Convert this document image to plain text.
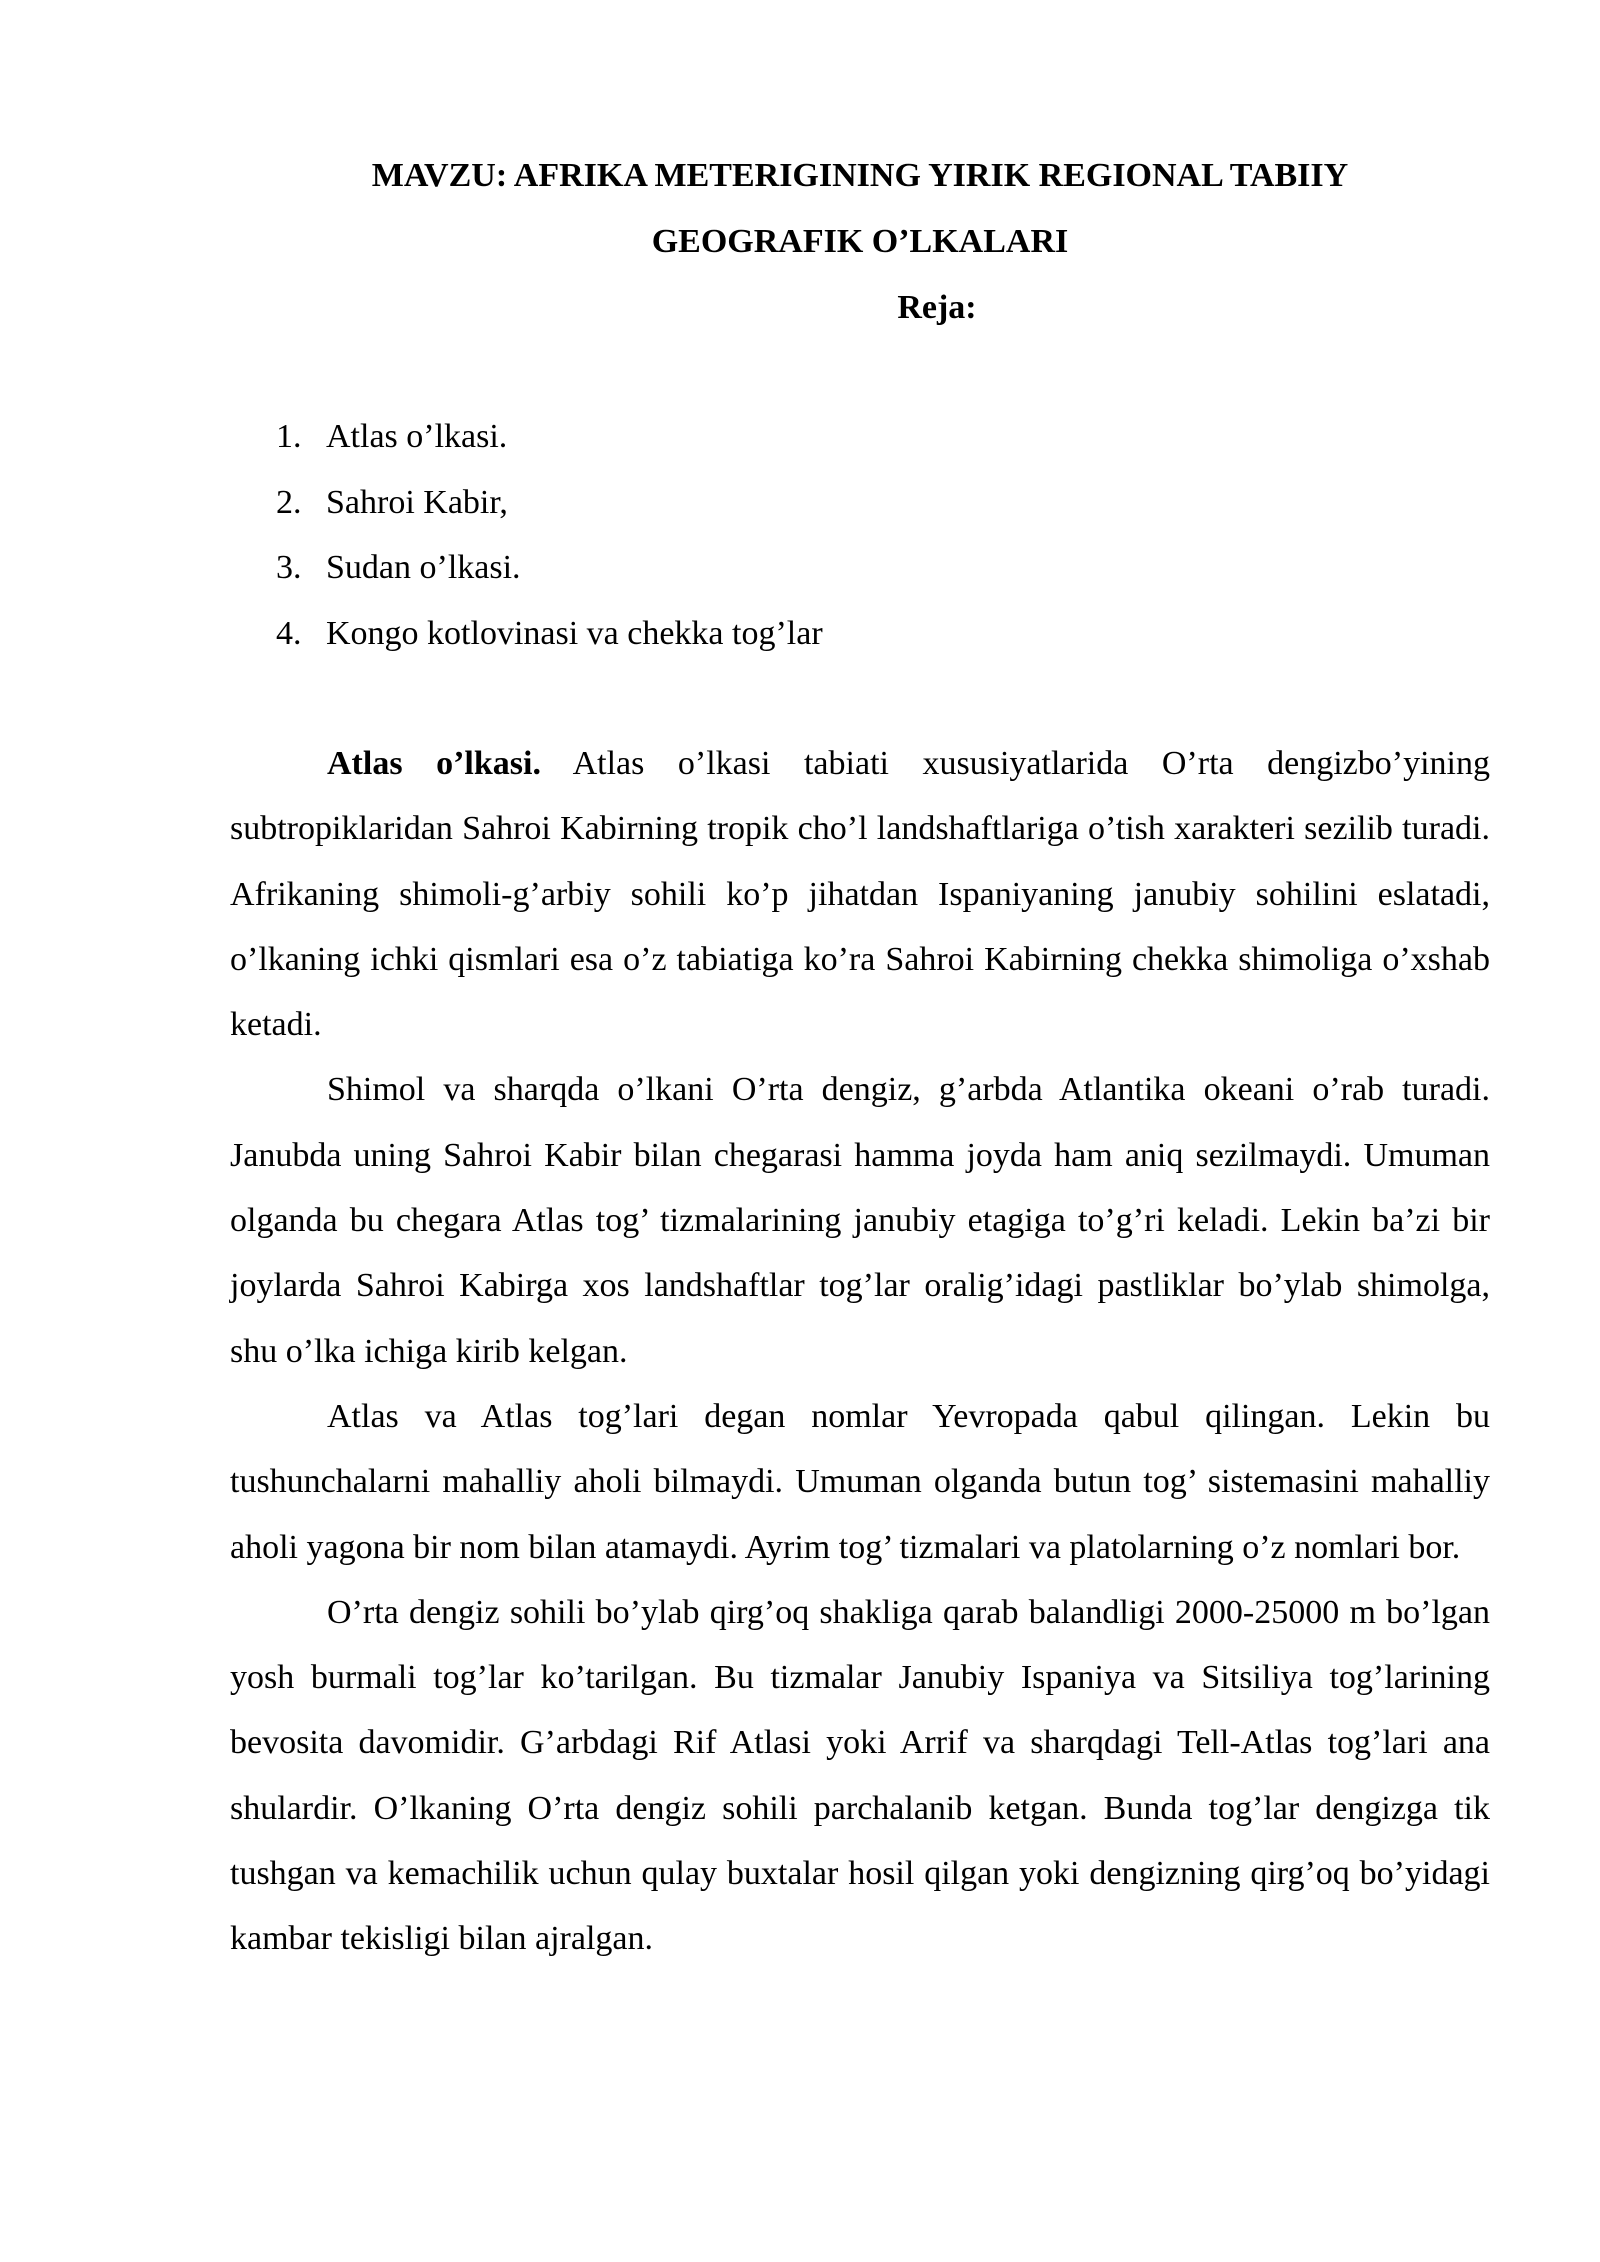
MAVZU: AFRIKA METERIGINING YIRIK REGIONAL TABIIY
GEOGRAFIK O’LKALARI
Reja:
1. Atlas o’lkasi.
2. Sahroi Kabir,
3. Sudan o’lkasi.
4. Kongo kotlovinasi va chekka tog’lar

Atlas o’lkasi. Atlas o’lkasi tabiati xususiyatlarida O’rta dengizbo’yining subtropiklaridan Sahroi Kabirning tropik cho’l landshaftlariga o’tish xarakteri sezilib turadi. Afrikaning shimoli-g’arbiy sohili ko’p jihatdan Ispaniyaning janubiy sohilini eslatadi, o’lkaning ichki qismlari esa o’z tabiatiga ko’ra Sahroi Kabirning chekka shimoliga o’xshab ketadi.

Shimol va sharqda o’lkani O’rta dengiz, g’arbda Atlantika okeani o’rab turadi. Janubda uning Sahroi Kabir bilan chegarasi hamma joyda ham aniq sezilmaydi. Umuman olganda bu chegara Atlas tog’ tizmalarining janubiy etagiga to’g’ri keladi. Lekin ba’zi bir joylarda Sahroi Kabirga xos landshaftlar tog’lar oralig’idagi pastliklar bo’ylab shimolga, shu o’lka ichiga kirib kelgan.

Atlas va Atlas tog’lari degan nomlar Yevropada qabul qilingan. Lekin bu tushunchalarni mahalliy aholi bilmaydi. Umuman olganda butun tog’ sistemasini mahalliy aholi yagona bir nom bilan atamaydi. Ayrim tog’ tizmalari va platolarning o’z nomlari bor.

O’rta dengiz sohili bo’ylab qirg’oq shakliga qarab balandligi 2000-25000 m bo’lgan yosh burmali tog’lar ko’tarilgan. Bu tizmalar Janubiy Ispaniya va Sitsiliya tog’larining bevosita davomidir. G’arbdagi Rif Atlasi yoki Arrif va sharqdagi Tell-Atlas tog’lari ana shulardir. O’lkaning O’rta dengiz sohili parchalanib ketgan. Bunda tog’lar dengizga tik tushgan va kemachilik uchun qulay buxtalar hosil qilgan yoki dengizning qirg’oq bo’yidagi kambar tekisligi bilan ajralgan.
